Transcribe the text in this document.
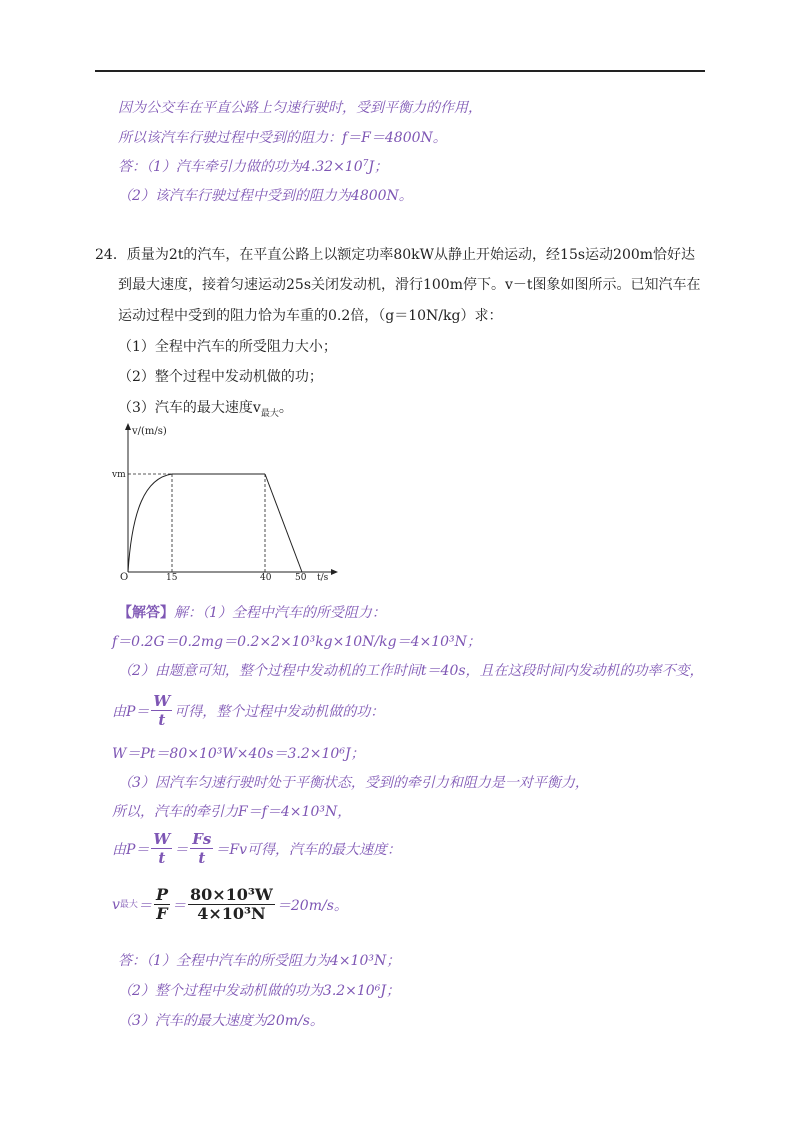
因为公交车在平直公路上匀速行驶时，受到平衡力的作用，
所以该汽车行驶过程中受到的阻力：f＝F＝4800N。
答：（1）汽车牵引力做的功为$4.32\times 10^7J$；
（2）该汽车行驶过程中受到的阻力为4800N。
24．质量为2t的汽车，在平直公路上以额定功率80kW从静止开始运动，经15s运动200m恰好达
到最大速度，接着匀速运动25s关闭发动机，滑行100m停下。v－t图象如图所示。已知汽车在
运动过程中受到的阻力恰为车重的0.2倍，（g＝10N/kg）求：
（1）全程中汽车的所受阻力大小；
（2）整个过程中发动机做的功；
（3）汽车的最大速度$v_{最大}$。
v/(m/s)
vm
O	15	40	50 t/s
【解答】解：（1）全程中汽车的所受阻力：
f＝0.2G＝0.2mg＝0.2×2×10³kg×10N/kg＝4×10³N；
（2）由题意可知，整个过程中发动机的工作时间t＝40s，且在这段时间内发动机的功率不变，
由$P= \frac{W}{t}$ 可得，整个过程中发动机做的功：
W＝Pt＝80×10³W×40s＝3.2×10⁶J；
（3）因汽车匀速行驶时处于平衡状态，受到的牵引力和阻力是一对平衡力，
所以，汽车的牵引力F＝f＝4×10³N，
由$P= \frac{W}{t} = \frac{Fs}{t} =Fv$可得，汽车的最大速度：
v 最大 ＝ $\frac{P}{F} = \frac{\text{80×10³W}}{\text{4×10³N}} =20m/s$。
答：（1）全程中汽车的所受阻力为4×10³N；
（2）整个过程中发动机做的功为3.2×10⁶J；
（3）汽车的最大速度为20m/s。
